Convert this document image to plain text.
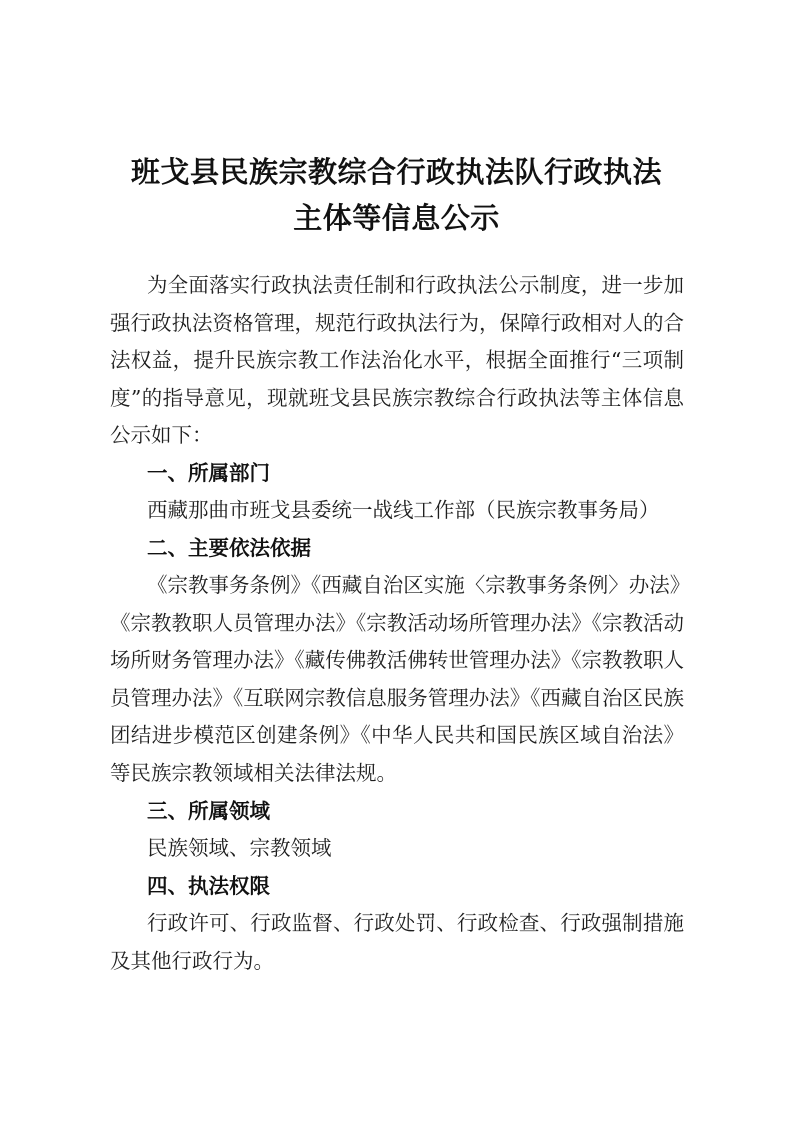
班戈县民族宗教综合行政执法队行政执法
主体等信息公示
为全面落实行政执法责任制和行政执法公示制度，进一步加
强行政执法资格管理，规范行政执法行为，保障行政相对人的合
法权益，提升民族宗教工作法治化水平，根据全面推行“三项制
度”的指导意见，现就班戈县民族宗教综合行政执法等主体信息
公示如下：
一、所属部门
西藏那曲市班戈县委统一战线工作部（民族宗教事务局）
二、主要依法依据
《宗教事务条例》《西藏自治区实施〈宗教事务条例〉办法》
《宗教教职人员管理办法》《宗教活动场所管理办法》《宗教活动
场所财务管理办法》《藏传佛教活佛转世管理办法》《宗教教职人
员管理办法》《互联网宗教信息服务管理办法》《西藏自治区民族
团结进步模范区创建条例》《中华人民共和国民族区域自治法》
等民族宗教领域相关法律法规。
三、所属领域
民族领域、宗教领域
四、执法权限
行政许可、行政监督、行政处罚、行政检查、行政强制措施
及其他行政行为。
